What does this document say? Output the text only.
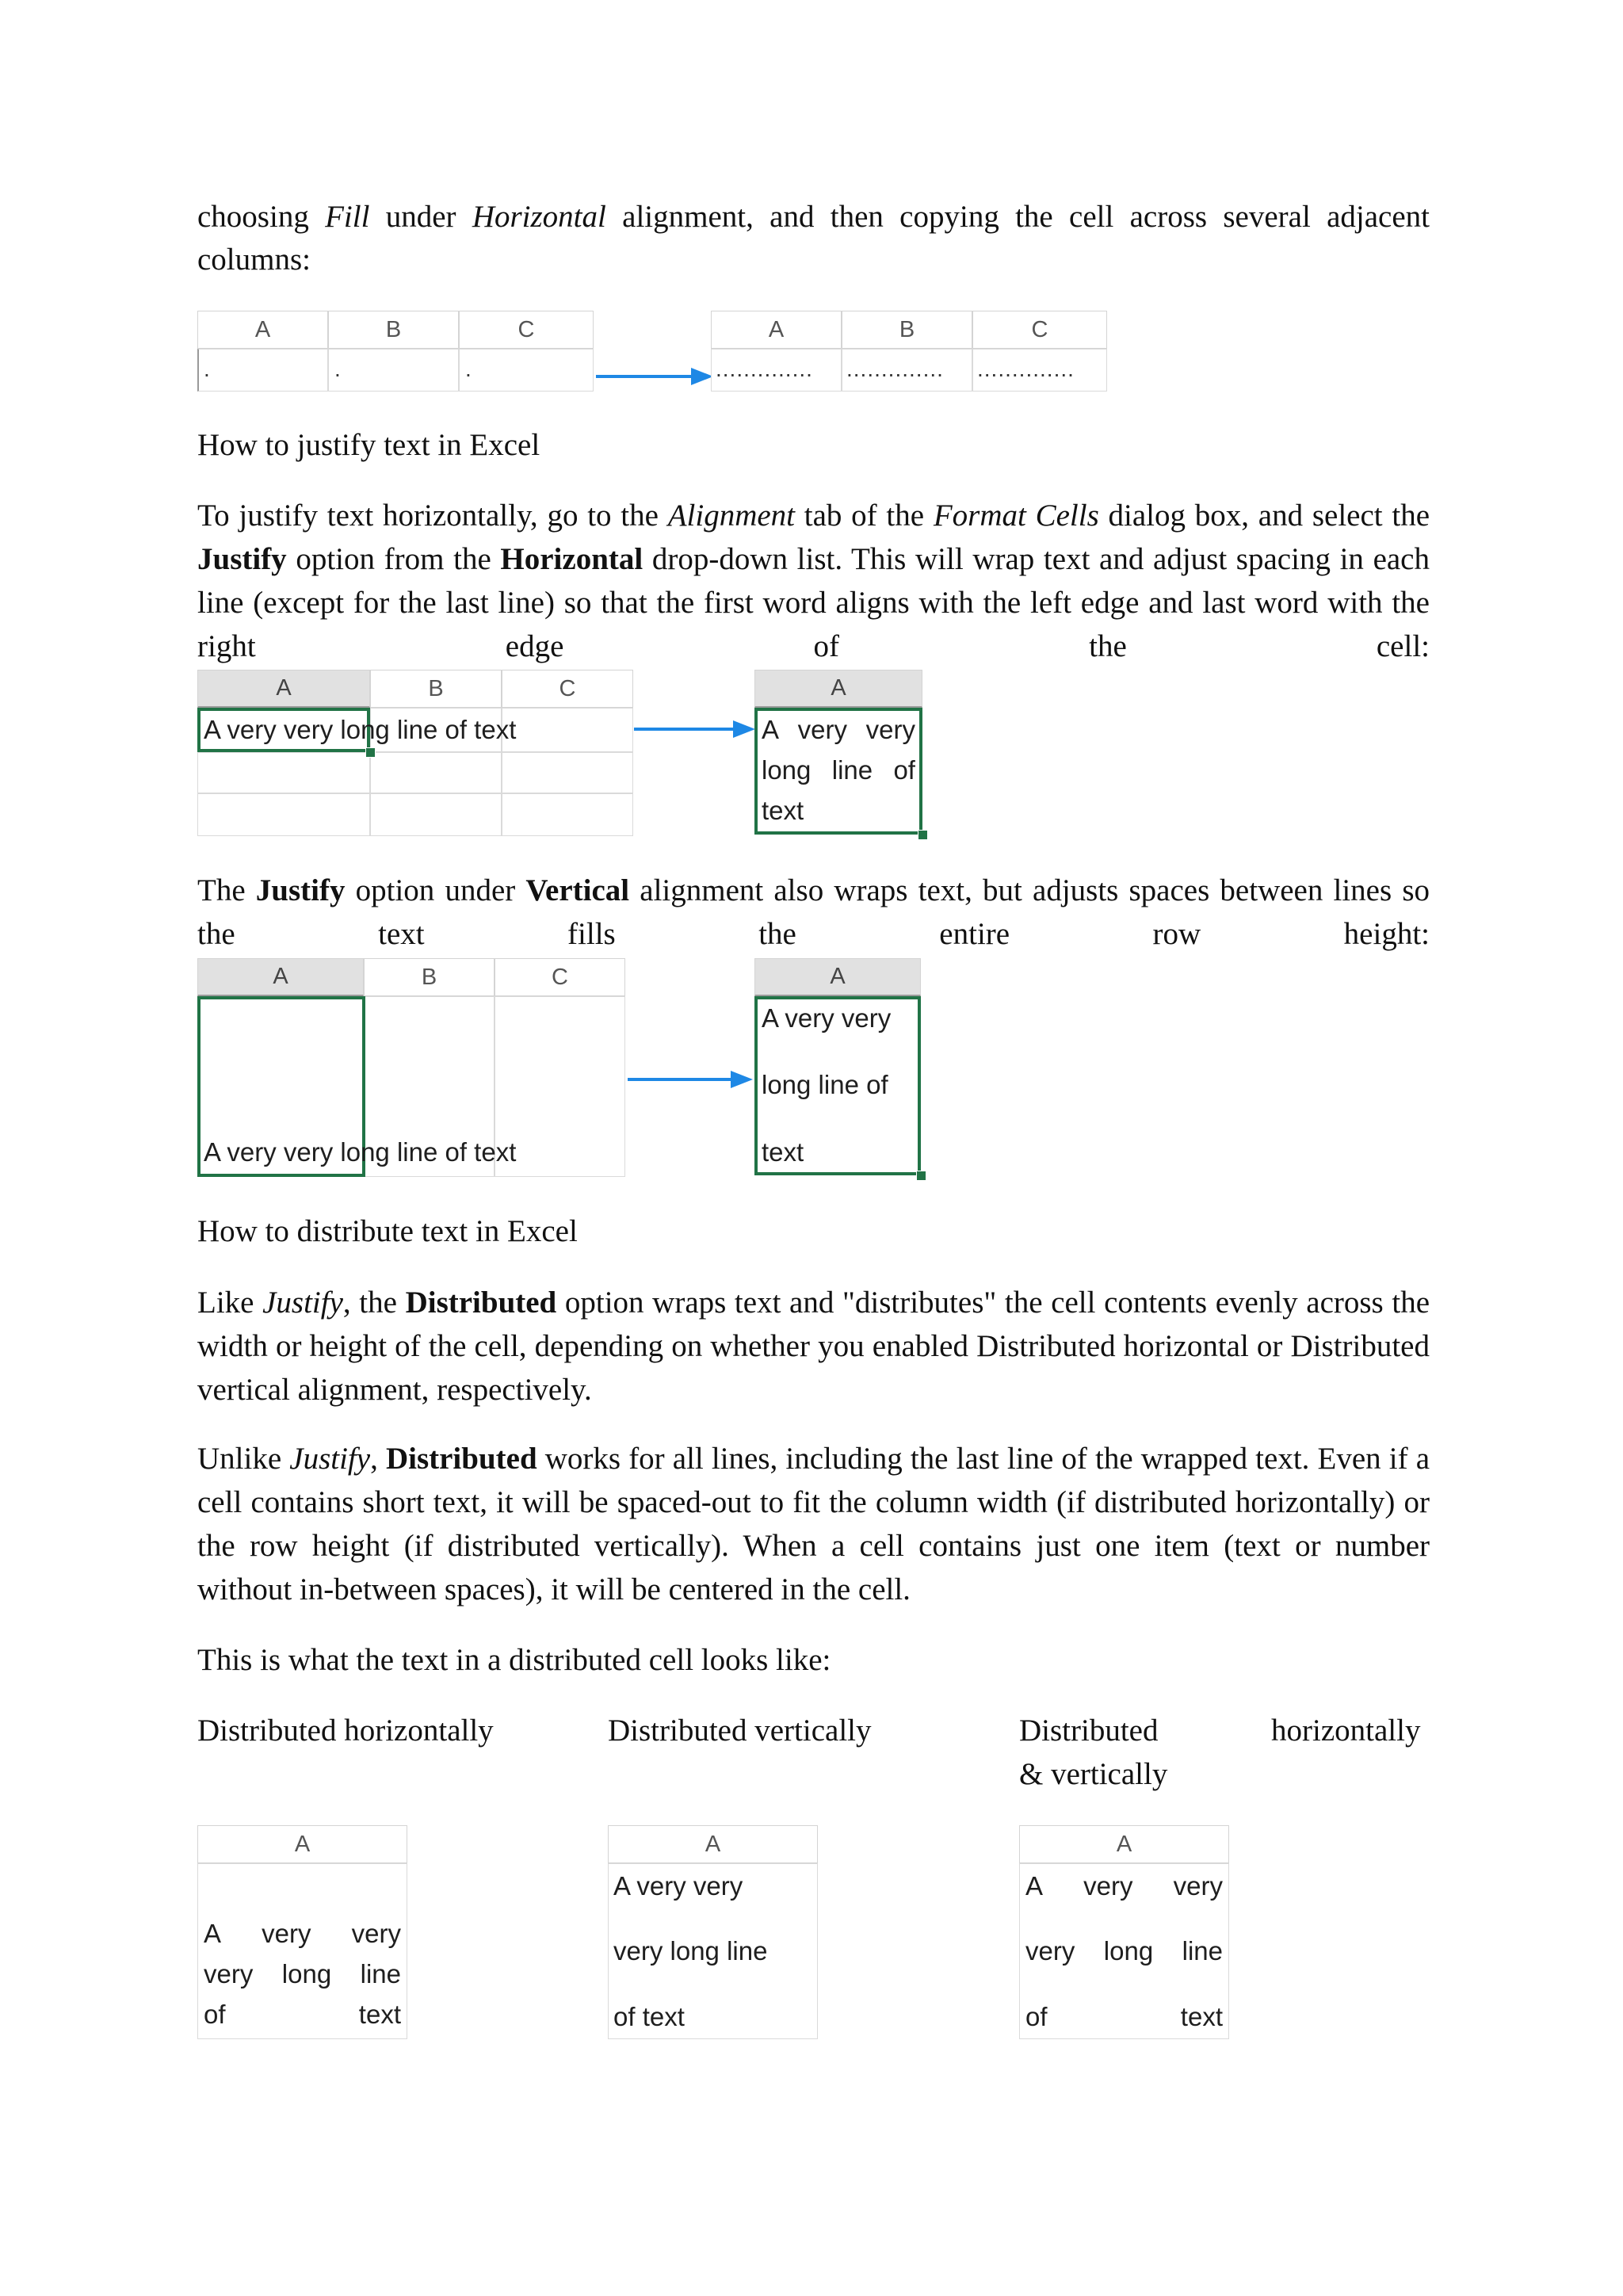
choosing Fill under Horizontal alignment, and then copying the cell across several adjacent

columns:

A	B	C
.	.	.
A	B	C
.............. .............. ..............

How to justify text in Excel

To justify text horizontally, go to the Alignment tab of the Format Cells dialog box, and select the Justify option from the Horizontal drop-down list. This will wrap text and adjust spacing in each line (except for the last line) so that the first word aligns with the left edge and last word with the right edge of the cell:

A	B	C
A very very long line of text
A
A very very
long line of
text

The Justify option under Vertical alignment also wraps text, but adjusts spaces between lines so the text fills the entire row height:

A	B	C
A very very long line of text
A
A very very
long line of
text

How to distribute text in Excel

Like Justify, the Distributed option wraps text and "distributes" the cell contents evenly across the width or height of the cell, depending on whether you enabled Distributed horizontal or Distributed vertical alignment, respectively.

Unlike Justify, Distributed works for all lines, including the last line of the wrapped text. Even if a cell contains short text, it will be spaced-out to fit the column width (if distributed horizontally) or the row height (if distributed vertically). When a cell contains just one item (text or number without in-between spaces), it will be centered in the cell.

This is what the text in a distributed cell looks like:

Distributed horizontally	Distributed vertically	Distributed	horizontally

& vertically

A
A very very
very long line
of	text
A
A very very
very long line
of text
A
A very very
very long line
of	text
